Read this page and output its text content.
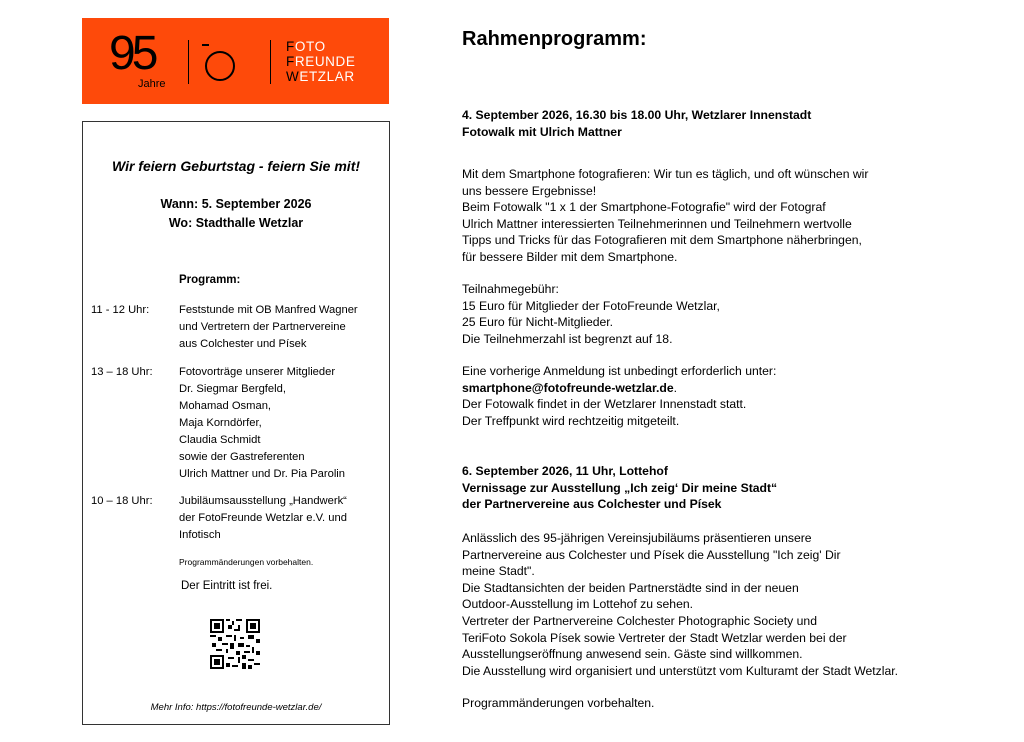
95
Jahre
FOTO
FREUNDE
WETZLAR
Wir feiern Geburtstag - feiern Sie mit!
Wann: 5. September 2026
Wo: Stadthalle Wetzlar
Programm:
11 - 12 Uhr:	Feststunde mit OB Manfred Wagner
und Vertretern der Partnervereine
aus Colchester und Písek
13 – 18 Uhr:	Fotovorträge unserer Mitglieder
Dr. Siegmar Bergfeld,
Mohamad Osman,
Maja Korndörfer,
Claudia Schmidt
sowie der Gastreferenten
Ulrich Mattner und Dr. Pia Parolin
10 – 18 Uhr:	Jubiläumsausstellung „Handwerk“
der FotoFreunde Wetzlar e.V. und
Infotisch
Programmänderungen vorbehalten.
Der Eintritt ist frei.
Mehr Info: https://fotofreunde-wetzlar.de/
Rahmenprogramm:
4. September 2026, 16.30 bis 18.00 Uhr, Wetzlarer Innenstadt
Fotowalk mit Ulrich Mattner
Mit dem Smartphone fotografieren: Wir tun es täglich, und oft wünschen wir
uns bessere Ergebnisse!
Beim Fotowalk "1 x 1 der Smartphone-Fotografie" wird der Fotograf
Ulrich Mattner interessierten Teilnehmerinnen und Teilnehmern wertvolle
Tipps und Tricks für das Fotografieren mit dem Smartphone näherbringen,
für bessere Bilder mit dem Smartphone.
Teilnahmegebühr:
15 Euro für Mitglieder der FotoFreunde Wetzlar,
25 Euro für Nicht-Mitglieder.
Die Teilnehmerzahl ist begrenzt auf 18.
Eine vorherige Anmeldung ist unbedingt erforderlich unter:
smartphone@fotofreunde-wetzlar.de.
Der Fotowalk findet in der Wetzlarer Innenstadt statt.
Der Treffpunkt wird rechtzeitig mitgeteilt.
6. September 2026, 11 Uhr, Lottehof
Vernissage zur Ausstellung „Ich zeig‘ Dir meine Stadt“
der Partnervereine aus Colchester und Písek
Anlässlich des 95-jährigen Vereinsjubiläums präsentieren unsere
Partnervereine aus Colchester und Písek die Ausstellung "Ich zeig' Dir
meine Stadt".
Die Stadtansichten der beiden Partnerstädte sind in der neuen
Outdoor-Ausstellung im Lottehof zu sehen.
Vertreter der Partnervereine Colchester Photographic Society und
TeriFoto Sokola Písek sowie Vertreter der Stadt Wetzlar werden bei der
Ausstellungseröffnung anwesend sein. Gäste sind willkommen.
Die Ausstellung wird organisiert und unterstützt vom Kulturamt der Stadt Wetzlar.
Programmänderungen vorbehalten.
